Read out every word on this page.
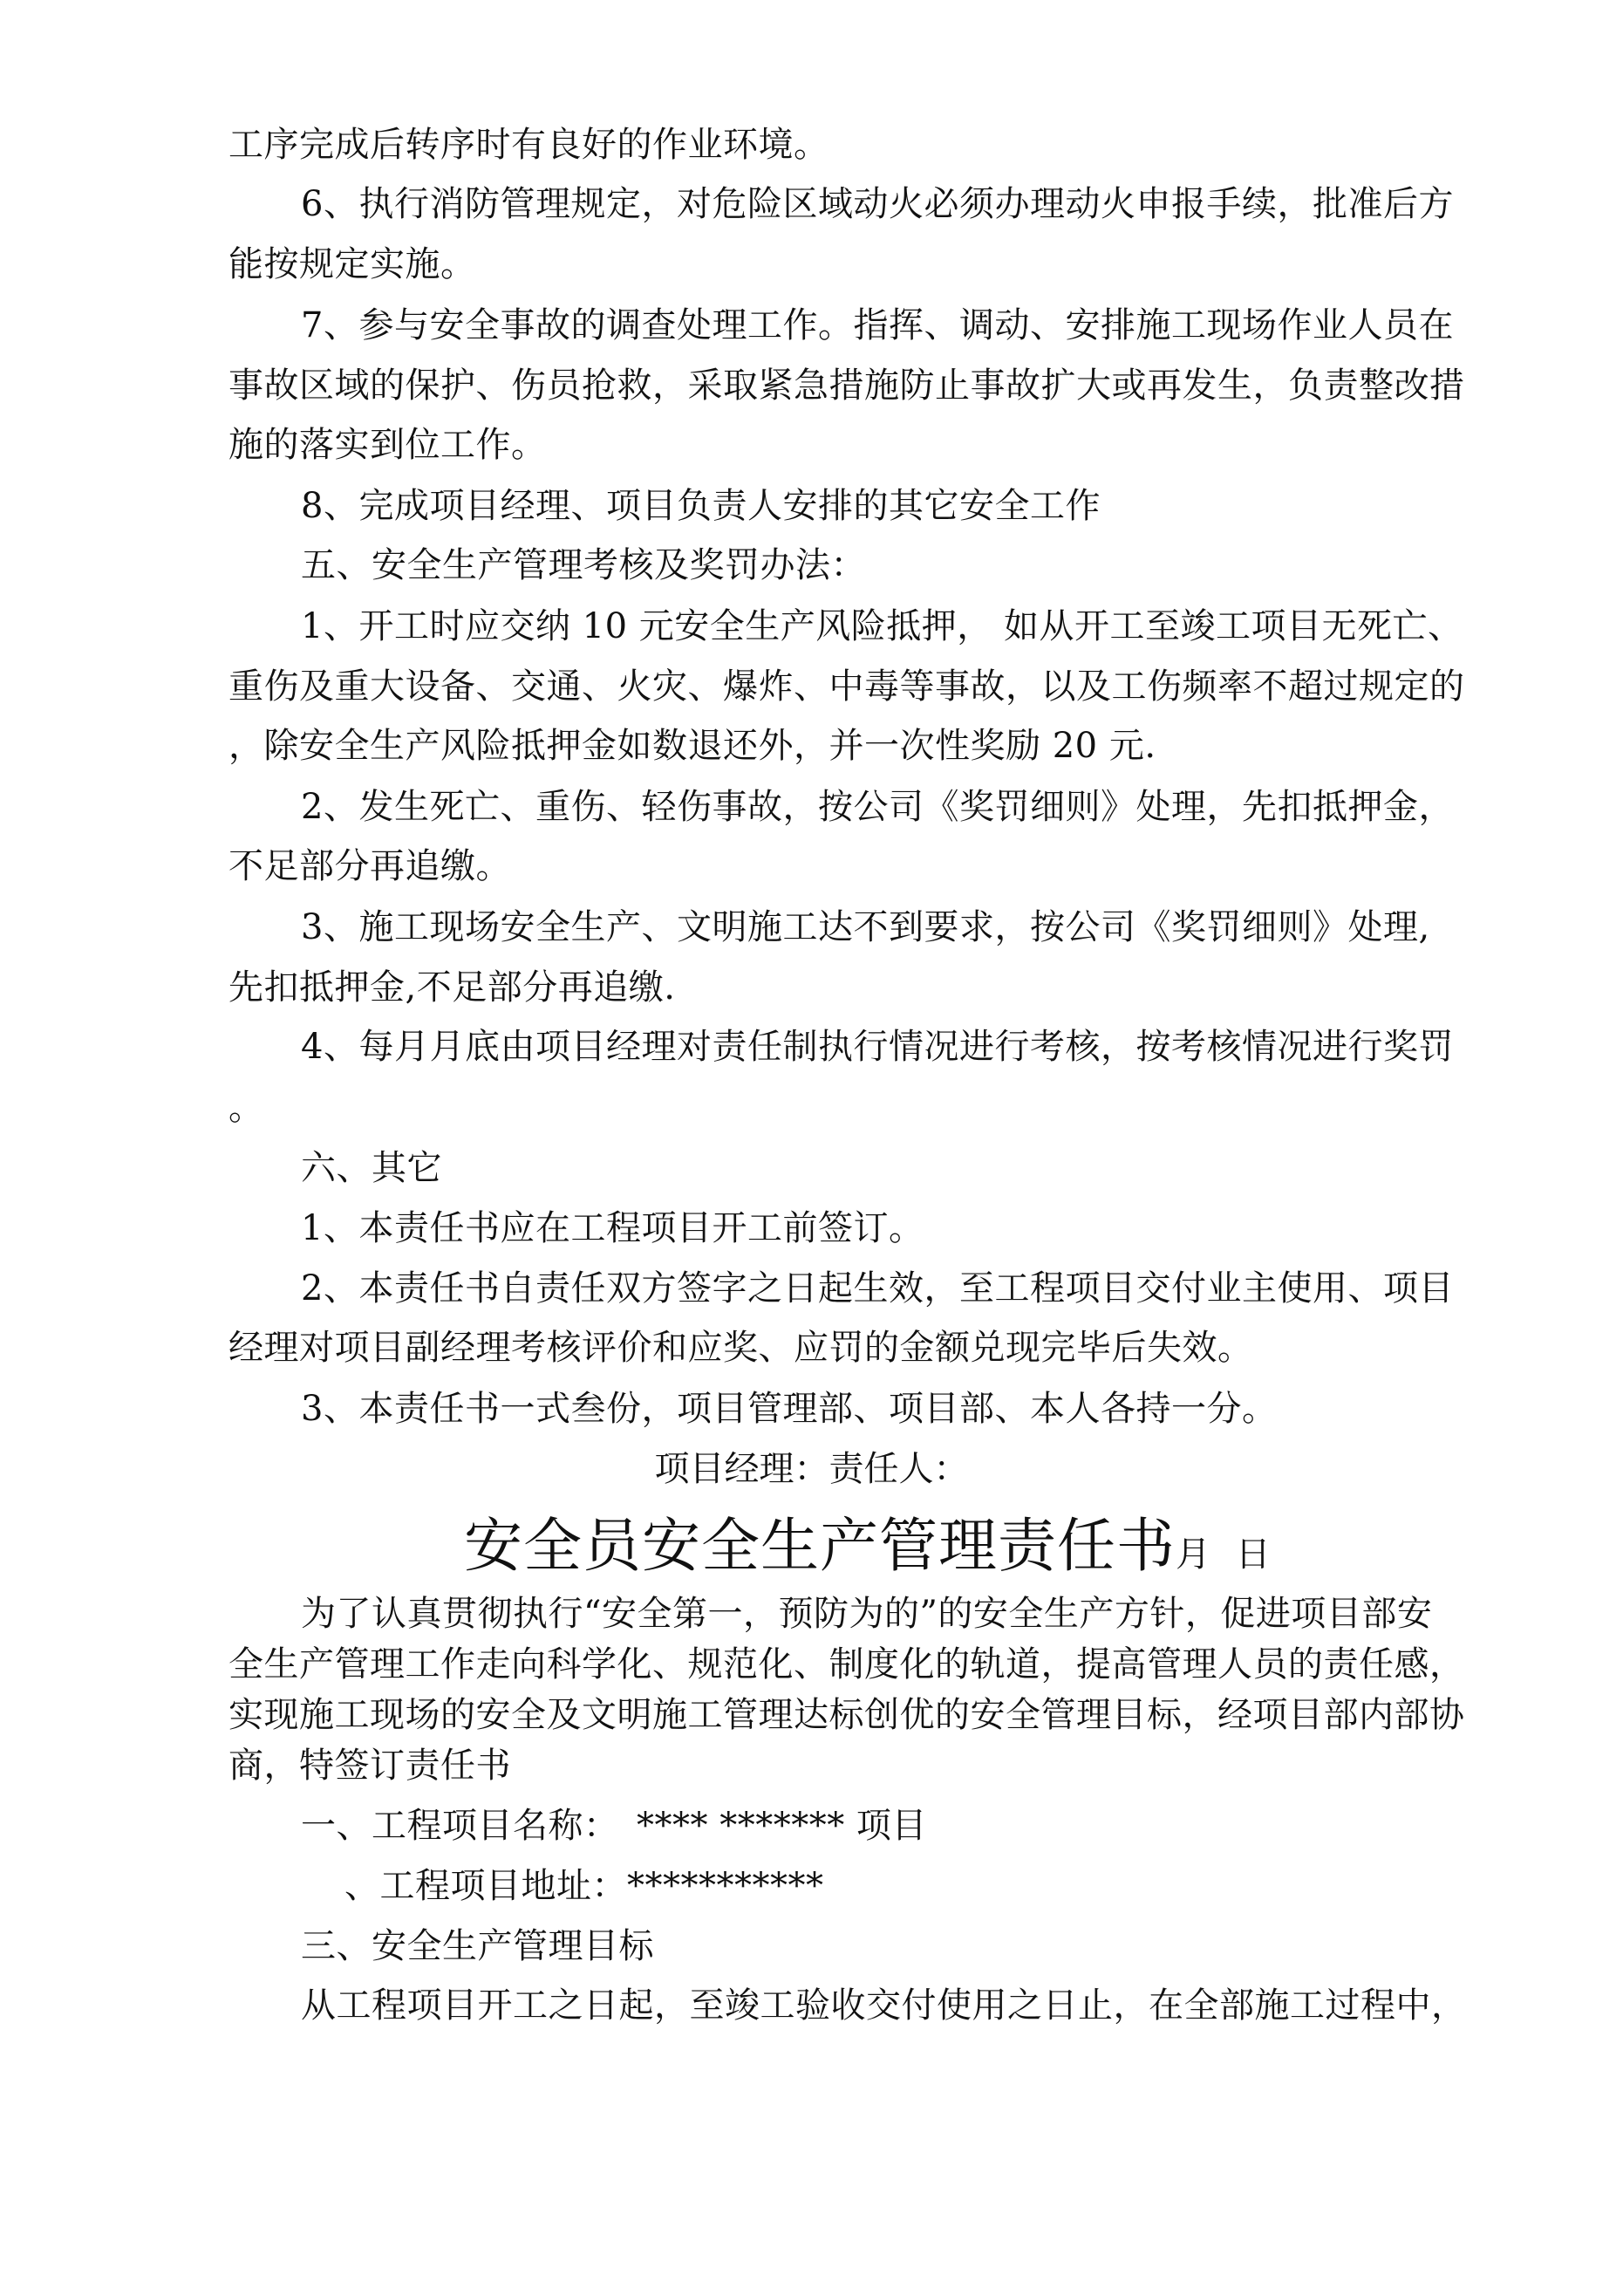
工序完成后转序时有良好的作业环境。
6、执行消防管理规定，对危险区域动火必须办理动火申报手续，批准后方
能按规定实施。
7、参与安全事故的调查处理工作。指挥、调动、安排施工现场作业人员在
事故区域的保护、伤员抢救，采取紧急措施防止事故扩大或再发生，负责整改措
施的落实到位工作。
8、完成项目经理、项目负责人安排的其它安全工作
五、安全生产管理考核及奖罚办法：
1、开工时应交纳 10 元安全生产风险抵押， 如从开工至竣工项目无死亡、
重伤及重大设备、交通、火灾、爆炸、中毒等事故，以及工伤频率不超过规定的
，除安全生产风险抵押金如数退还外，并一次性奖励 20 元.
2、发生死亡、重伤、轻伤事故，按公司《奖罚细则》处理，先扣抵押金，
不足部分再追缴。
3、施工现场安全生产、文明施工达不到要求，按公司《奖罚细则》处理,
先扣抵押金,不足部分再追缴.
4、每月月底由项目经理对责任制执行情况进行考核，按考核情况进行奖罚
。
六、其它
1、本责任书应在工程项目开工前签订。
2、本责任书自责任双方签字之日起生效，至工程项目交付业主使用、项目
经理对项目副经理考核评价和应奖、应罚的金额兑现完毕后失效。
3、本责任书一式叁份，项目管理部、项目部、本人各持一分。
项目经理：责任人：
安全员安全生产管理责任书月 日
为了认真贯彻执行“安全第一，预防为的”的安全生产方针，促进项目部安
全生产管理工作走向科学化、规范化、制度化的轨道，提高管理人员的责任感，
实现施工现场的安全及文明施工管理达标创优的安全管理目标，经项目部内部协
商，特签订责任书
一、工程项目名称：　**** ******* 项目
、工程项目地址：***********
三、安全生产管理目标
从工程项目开工之日起，至竣工验收交付使用之日止，在全部施工过程中，
